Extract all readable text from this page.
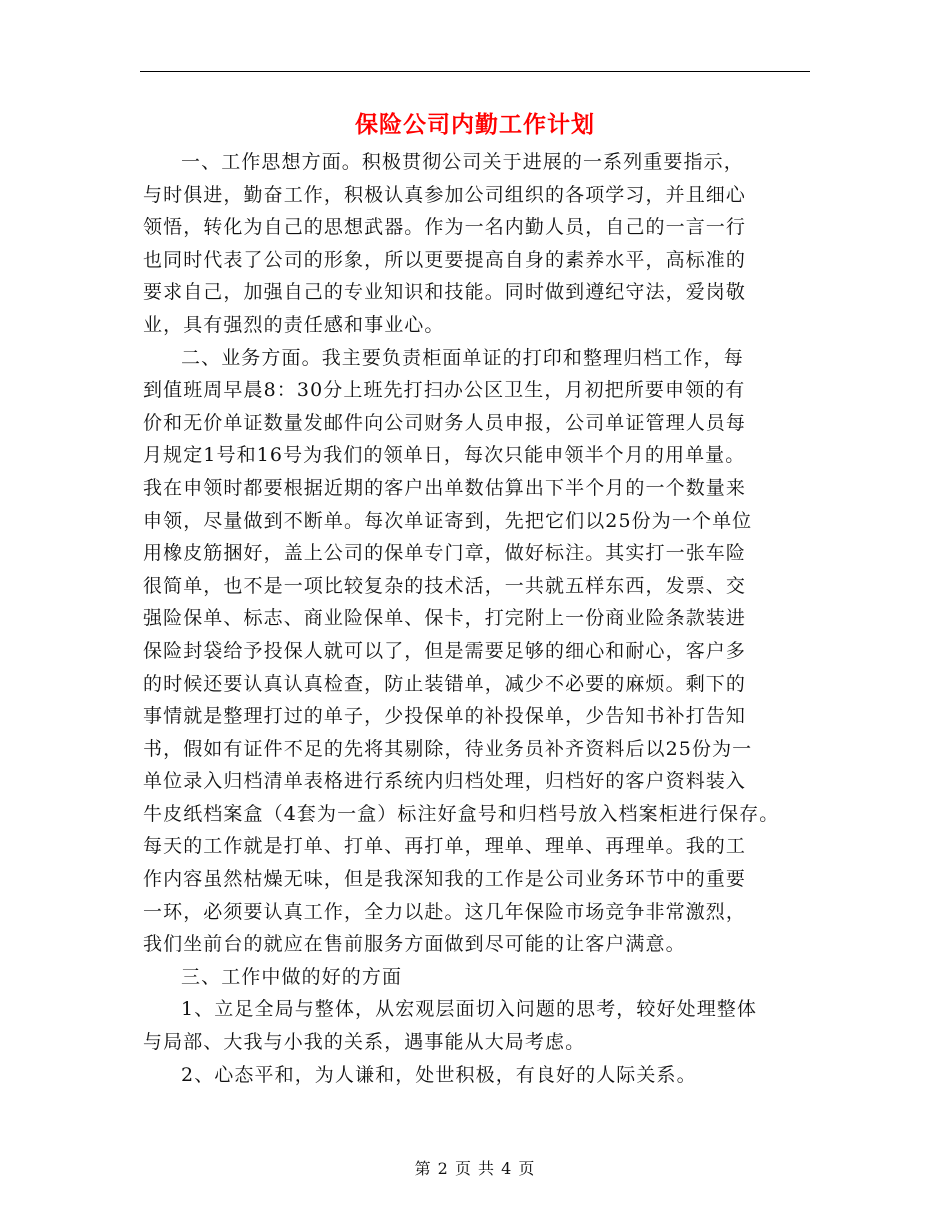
保险公司内勤工作计划
一、工作思想方面。积极贯彻公司关于进展的一系列重要指示，
与时俱进，勤奋工作，积极认真参加公司组织的各项学习，并且细心
领悟，转化为自己的思想武器。作为一名内勤人员，自己的一言一行
也同时代表了公司的形象，所以更要提高自身的素养水平，高标准的
要求自己，加强自己的专业知识和技能。同时做到遵纪守法，爱岗敬
业，具有强烈的责任感和事业心。
二、业务方面。我主要负责柜面单证的打印和整理归档工作，每
到值班周早晨8：30分上班先打扫办公区卫生，月初把所要申领的有
价和无价单证数量发邮件向公司财务人员申报，公司单证管理人员每
月规定1号和16号为我们的领单日，每次只能申领半个月的用单量。
我在申领时都要根据近期的客户出单数估算出下半个月的一个数量来
申领，尽量做到不断单。每次单证寄到，先把它们以25份为一个单位
用橡皮筋捆好，盖上公司的保单专门章，做好标注。其实打一张车险
很简单，也不是一项比较复杂的技术活，一共就五样东西，发票、交
强险保单、标志、商业险保单、保卡，打完附上一份商业险条款装进
保险封袋给予投保人就可以了，但是需要足够的细心和耐心，客户多
的时候还要认真认真检查，防止装错单，减少不必要的麻烦。剩下的
事情就是整理打过的单子，少投保单的补投保单，少告知书补打告知
书，假如有证件不足的先将其剔除，待业务员补齐资料后以25份为一
单位录入归档清单表格进行系统内归档处理，归档好的客户资料装入
牛皮纸档案盒（4套为一盒）标注好盒号和归档号放入档案柜进行保存。
每天的工作就是打单、打单、再打单，理单、理单、再理单。我的工
作内容虽然枯燥无味，但是我深知我的工作是公司业务环节中的重要
一环，必须要认真工作，全力以赴。这几年保险市场竞争非常激烈，
我们坐前台的就应在售前服务方面做到尽可能的让客户满意。
三、工作中做的好的方面
1、立足全局与整体，从宏观层面切入问题的思考，较好处理整体
与局部、大我与小我的关系，遇事能从大局考虑。
2、心态平和，为人谦和，处世积极，有良好的人际关系。
第 2 页 共 4 页
